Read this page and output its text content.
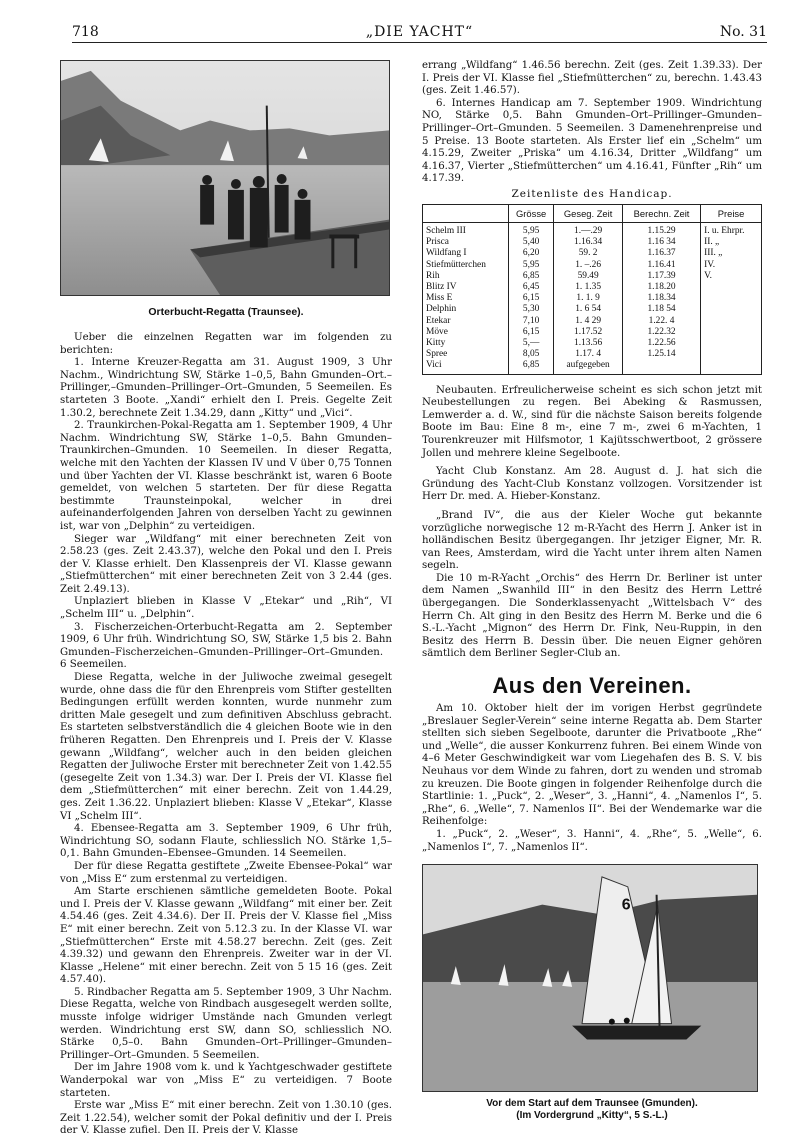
718	„DIE YACHT“	No. 31
Orterbucht-Regatta (Traunsee).

Ueber die einzelnen Regatten war im folgenden zu berichten:

1. Interne Kreuzer-Regatta am 31. August 1909, 3 Uhr Nachm., Windrichtung SW, Stärke 1–0,5, Bahn Gmunden–Ort.–Prillinger,–Gmunden–Prillinger–Ort–Gmunden, 5 Seemeilen. Es starteten 3 Boote. „Xandi“ erhielt den I. Preis. Gegelte Zeit 1.30.2, berechnete Zeit 1.34.29, dann „Kitty“ und „Vici“.

2. Traunkirchen-Pokal-Regatta am 1. September 1909, 4 Uhr Nachm. Windrichtung SW, Stärke 1–0,5. Bahn Gmunden–Traunkirchen–Gmunden. 10 Seemeilen. In dieser Regatta, welche mit den Yachten der Klassen IV und V über 0,75 Tonnen und über Yachten der VI. Klasse beschränkt ist, waren 6 Boote gemeldet, von welchen 5 starteten. Der für diese Regatta bestimmte Traunsteinpokal, welcher in drei aufeinanderfolgenden Jahren von derselben Yacht zu gewinnen ist, war von „Delphin“ zu verteidigen.

Sieger war „Wildfang“ mit einer berechneten Zeit von 2.58.23 (ges. Zeit 2.43.37), welche den Pokal und den I. Preis der V. Klasse erhielt. Den Klassenpreis der VI. Klasse gewann „Stiefmütterchen“ mit einer berechneten Zeit von 3 2.44 (ges. Zeit 2.49.13).

Unplaziert blieben in Klasse V „Etekar“ und „Rih“, VI „Schelm III“ u. „Delphin“.

3. Fischerzeichen-Orterbucht-Regatta am 2. September 1909, 6 Uhr früh. Windrichtung SO, SW, Stärke 1,5 bis 2. Bahn Gmunden–Fischerzeichen–Gmunden–Prillinger–Ort–Gmunden. 6 Seemeilen.

Diese Regatta, welche in der Juliwoche zweimal gesegelt wurde, ohne dass die für den Ehrenpreis vom Stifter gestellten Bedingungen erfüllt werden konnten, wurde nunmehr zum dritten Male gesegelt und zum definitiven Abschluss gebracht. Es starteten selbstverständlich die 4 gleichen Boote wie in den früheren Regatten. Den Ehrenpreis und I. Preis der V. Klasse gewann „Wildfang“, welcher auch in den beiden gleichen Regatten der Juliwoche Erster mit berechneter Zeit von 1.42.55 (gesegelte Zeit von 1.34.3) war. Der I. Preis der VI. Klasse fiel dem „Stiefmütterchen“ mit einer berechn. Zeit von 1.44.29, ges. Zeit 1.36.22. Unplaziert blieben: Klasse V „Etekar“, Klasse VI „Schelm III“.

4. Ebensee-Regatta am 3. September 1909, 6 Uhr früh, Windrichtung SO, sodann Flaute, schliesslich NO. Stärke 1,5–0,1. Bahn Gmunden–Ebensee–Gmunden. 14 Seemeilen.

Der für diese Regatta gestiftete „Zweite Ebensee-Pokal“ war von „Miss E“ zum erstenmal zu verteidigen.

Am Starte erschienen sämtliche gemeldeten Boote. Pokal und I. Preis der V. Klasse gewann „Wildfang“ mit einer ber. Zeit 4.54.46 (ges. Zeit 4.34.6). Der II. Preis der V. Klasse fiel „Miss E“ mit einer berechn. Zeit von 5.12.3 zu. In der Klasse VI. war „Stiefmütterchen“ Erste mit 4.58.27 berechn. Zeit (ges. Zeit 4.39.32) und gewann den Ehrenpreis. Zweiter war in der VI. Klasse „Helene“ mit einer berechn. Zeit von 5 15 16 (ges. Zeit 4.57.40).

5. Rindbacher Regatta am 5. September 1909, 3 Uhr Nachm. Diese Regatta, welche von Rindbach ausgesegelt werden sollte, musste infolge widriger Umstände nach Gmunden verlegt werden. Windrichtung erst SW, dann SO, schliesslich NO. Stärke 0,5–0. Bahn Gmunden–Ort–Prillinger–Gmunden–Prillinger–Ort–Gmunden. 5 Seemeilen.

Der im Jahre 1908 vom k. und k Yachtgeschwader gestiftete Wanderpokal war von „Miss E“ zu verteidigen. 7 Boote starteten.

Erste war „Miss E“ mit einer berechn. Zeit von 1.30.10 (ges. Zeit 1.22.54), welcher somit der Pokal definitiv und der I. Preis der V. Klasse zufiel. Den II. Preis der V. Klasse

errang „Wildfang“ 1.46.56 berechn. Zeit (ges. Zeit 1.39.33). Der I. Preis der VI. Klasse fiel „Stiefmütterchen“ zu, berechn. 1.43.43 (ges. Zeit 1.46.57).

6. Internes Handicap am 7. September 1909. Windrichtung NO, Stärke 0,5. Bahn Gmunden–Ort–Prillinger–Gmunden–Prillinger–Ort–Gmunden. 5 Seemeilen. 3 Damenehrenpreise und 5 Preise. 13 Boote starteten. Als Erster lief ein „Schelm“ um 4.15.29, Zweiter „Priska“ um 4.16.34, Dritter „Wildfang“ um 4.16.37, Vierter „Stiefmütterchen“ um 4.16.41, Fünfter „Rih“ um 4.17.39.

Zeitenliste des Handicap.
	Grösse	Geseg. Zeit	Berechn. Zeit	Preise
Schelm III	5,95	1.—.29	1.15.29	I. u. Ehrpr.
Prisca	5,40	1.16.34	1.16 34	II. „
Wildfang I	6,20	59. 2	1.16.37	III. „
Stiefmütterchen	5,95	1. –.26	1.16.41	IV.
Rih	6,85	59.49	1.17.39	V.
Blitz IV	6,45	1. 1.35	1.18.20	
Miss E	6,15	1. 1. 9	1.18.34	
Delphin	5,30	1. 6 54	1.18 54	
Etekar	7,10	1. 4 29	1.22. 4	
Möve	6,15	1.17.52	1.22.32	
Kitty	5,—	1.13.56	1.22.56	
Spree	8,05	1.17. 4	1.25.14	
Vici	6,85	aufgegeben		

Neubauten. Erfreulicherweise scheint es sich schon jetzt mit Neubestellungen zu regen. Bei Abeking & Rasmussen, Lemwerder a. d. W., sind für die nächste Saison bereits folgende Boote im Bau: Eine 8 m-, eine 7 m-, zwei 6 m-Yachten, 1 Tourenkreuzer mit Hilfsmotor, 1 Kajütsschwertboot, 2 grössere Jollen und mehrere kleine Segelboote.

Yacht Club Konstanz. Am 28. August d. J. hat sich die Gründung des Yacht-Club Konstanz vollzogen. Vorsitzender ist Herr Dr. med. A. Hieber-Konstanz.

„Brand IV“, die aus der Kieler Woche gut bekannte vorzügliche norwegische 12 m-R-Yacht des Herrn J. Anker ist in holländischen Besitz übergegangen. Ihr jetziger Eigner, Mr. R. van Rees, Amsterdam, wird die Yacht unter ihrem alten Namen segeln.

Die 10 m-R-Yacht „Orchis“ des Herrn Dr. Berliner ist unter dem Namen „Swanhild III“ in den Besitz des Herrn Lettré übergegangen. Die Sonderklassenyacht „Wittelsbach V“ des Herrn Ch. Alt ging in den Besitz des Herrn M. Berke und die 6 S.-L.-Yacht „Mignon“ des Herrn Dr. Fink, Neu-Ruppin, in den Besitz des Herrn B. Dessin über. Die neuen Eigner gehören sämtlich dem Berliner Segler-Club an.

Aus den Vereinen.

Am 10. Oktober hielt der im vorigen Herbst gegründete „Breslauer Segler-Verein“ seine interne Regatta ab. Dem Starter stellten sich sieben Segelboote, darunter die Privatboote „Rhe“ und „Welle“, die ausser Konkurrenz fuhren. Bei einem Winde von 4–6 Meter Geschwindigkeit war vom Liegehafen des B. S. V. bis Neuhaus vor dem Winde zu fahren, dort zu wenden und stromab zu kreuzen. Die Boote gingen in folgender Reihenfolge durch die Startlinie: 1. „Puck“, 2. „Weser“, 3. „Hanni“, 4. „Namenlos I“, 5. „Rhe“, 6. „Welle“, 7. Namenlos II“. Bei der Wendemarke war die Reihenfolge:

1. „Puck“, 2. „Weser“, 3. Hanni“, 4. „Rhe“, 5. „Welle“, 6. „Namenlos I“, 7. „Namenlos II“.

6
Vor dem Start auf dem Traunsee (Gmunden).
(Im Vordergrund „Kitty“, 5 S.-L.)
